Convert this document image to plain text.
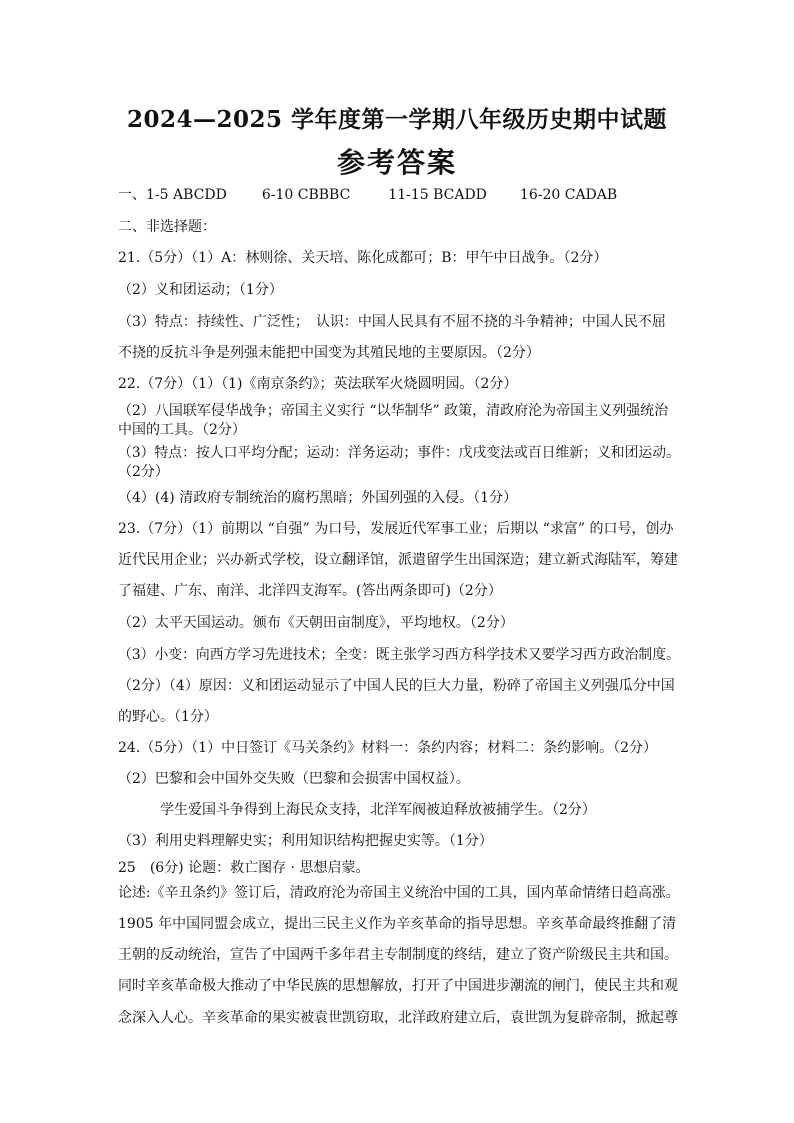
2024—2025 学年度第一学期八年级历史期中试题
参考答案
一、1-5 ABCDD	6-10 CBBBC	11-15 BCADD 16-20 CADAB
二、非选择题：
21.（5分）（1）A：林则徐、关天培、陈化成都可；B：甲午中日战争。（2分）
（2）义和团运动；（1分）
（3）特点：持续性、广泛性；　认识：中国人民具有不屈不挠的斗争精神；中国人民不屈
不挠的反抗斗争是列强未能把中国变为其殖民地的主要原因。（2分）
22.（7分）（1）（1)《南京条约》；英法联军火烧圆明园。（2分）
（2）八国联军侵华战争；帝国主义实行 “以华制华” 政策，清政府沦为帝国主义列强统治
中国的工具。（2分）
（3）特点：按人口平均分配；运动：洋务运动；事件：戊戌变法或百日维新；义和团运动。
（2分）
（4）(4) 清政府专制统治的腐朽黑暗；外国列强的入侵。（1分）
23.（7分）（1）前期以 “自强” 为口号，发展近代军事工业；后期以 “求富” 的口号，创办
近代民用企业；兴办新式学校，设立翻译馆，派遣留学生出国深造；建立新式海陆军，筹建
了福建、广东、南洋、北洋四支海军。(答出两条即可)（2分）
（2）太平天国运动。颁布《天朝田亩制度》，平均地权。（2分）
（3）小变：向西方学习先进技术；全变：既主张学习西方科学技术又要学习西方政治制度。
（2分）（4）原因：义和团运动显示了中国人民的巨大力量，粉碎了帝国主义列强瓜分中国
的野心。（1分）
24.（5分）（1）中日签订《马关条约》材料一：条约内容；材料二：条约影响。（2分）
（2）巴黎和会中国外交失败（巴黎和会损害中国权益）。
学生爱国斗争得到上海民众支持，北洋军阀被迫释放被捕学生。（2分）
（3）利用史料理解史实；利用知识结构把握史实等。（1分）
25　(6分) 论题：救亡图存 · 思想启蒙。
论述:《辛丑条约》签订后，清政府沦为帝国主义统治中国的工具，国内革命情绪日趋高涨。
1905 年中国同盟会成立，提出三民主义作为辛亥革命的指导思想。辛亥革命最终推翻了清
王朝的反动统治，宣告了中国两千多年君主专制制度的终结，建立了资产阶级民主共和国。
同时辛亥革命极大推动了中华民族的思想解放，打开了中国进步潮流的闸门，使民主共和观
念深入人心。辛亥革命的果实被袁世凯窃取，北洋政府建立后，袁世凯为复辟帝制，掀起尊
